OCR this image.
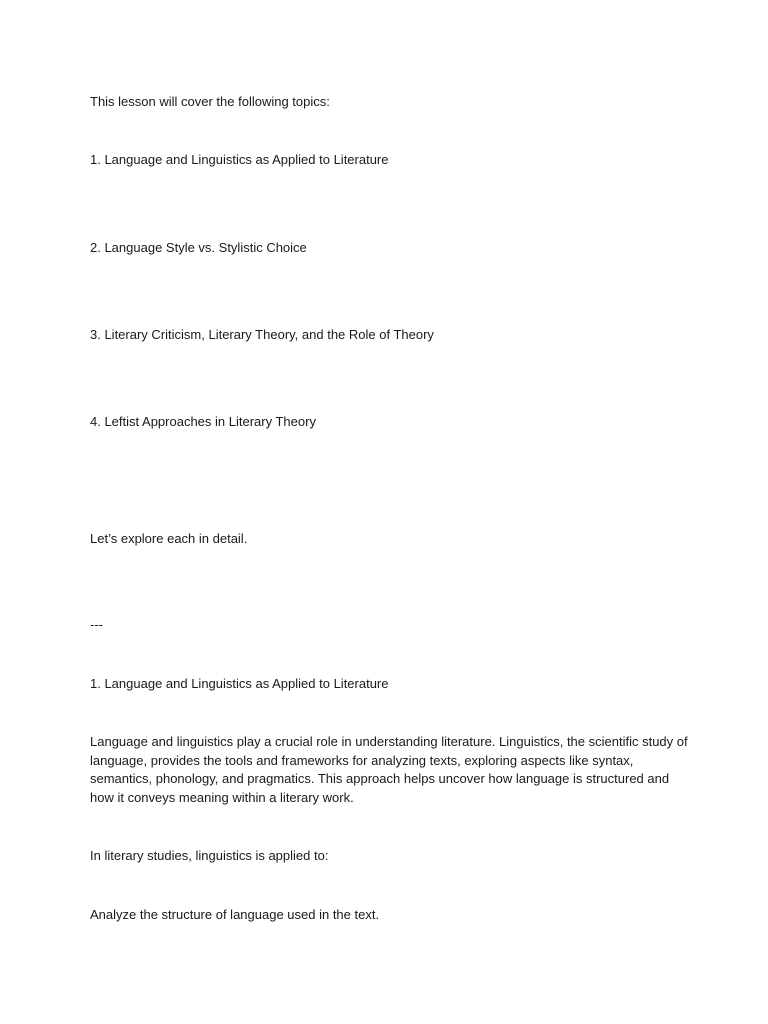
This lesson will cover the following topics:

1. Language and Linguistics as Applied to Literature

2. Language Style vs. Stylistic Choice

3. Literary Criticism, Literary Theory, and the Role of Theory

4. Leftist Approaches in Literary Theory

Let’s explore each in detail.

---

1. Language and Linguistics as Applied to Literature

Language and linguistics play a crucial role in understanding literature. Linguistics, the scientific study of language, provides the tools and frameworks for analyzing texts, exploring aspects like syntax, semantics, phonology, and pragmatics. This approach helps uncover how language is structured and how it conveys meaning within a literary work.

In literary studies, linguistics is applied to:

Analyze the structure of language used in the text.
